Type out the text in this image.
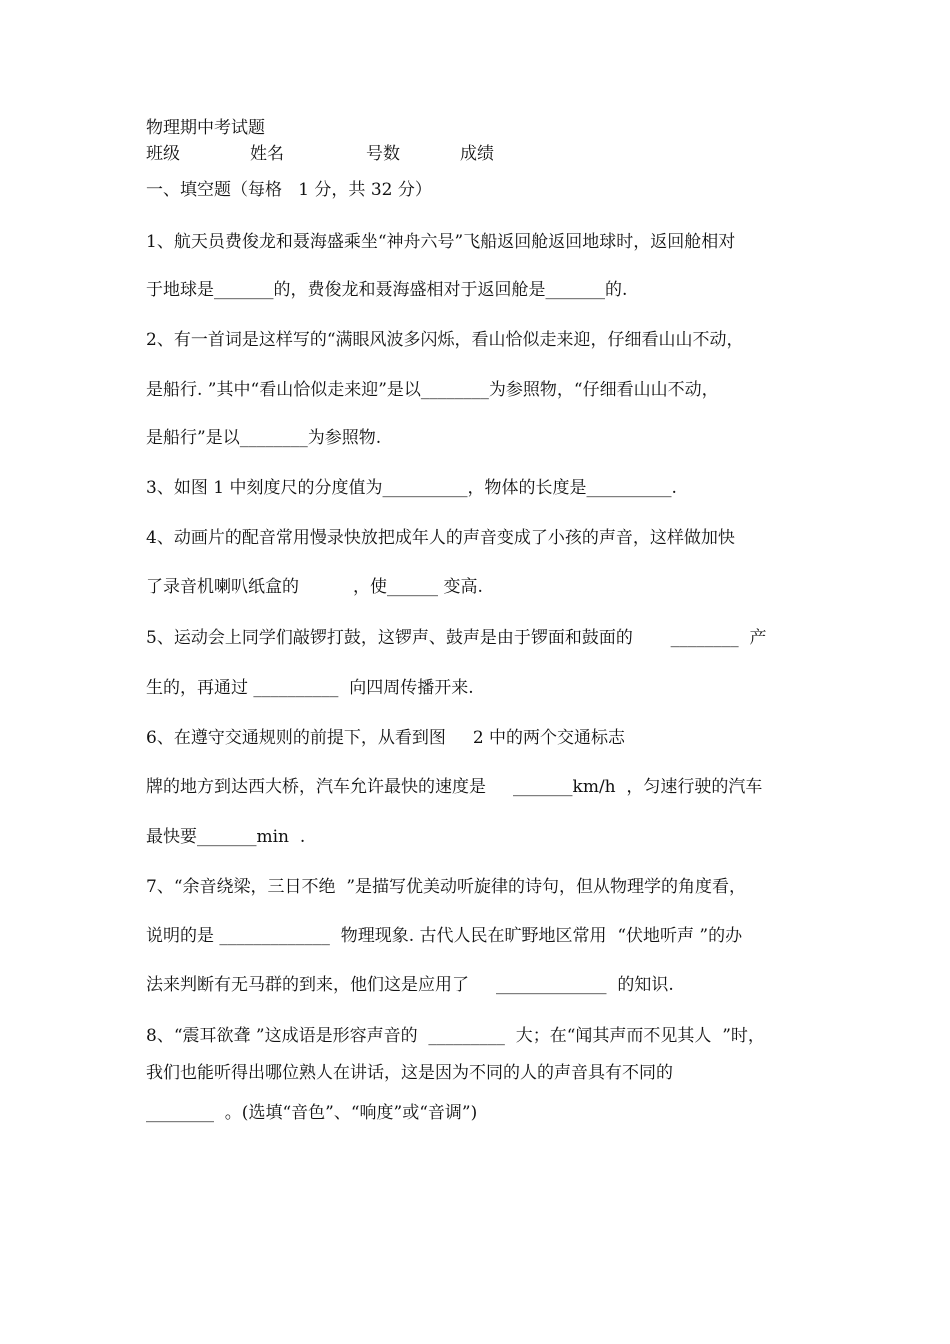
物理期中考试题

班级

	姓名

	号数

	成绩

一、填空题（每格   1 分，共 32 分）
1、航天员费俊龙和聂海盛乘坐“神舟六号”飞船返回舱返回地球时，返回舱相对
于地球是_______的，费俊龙和聂海盛相对于返回舱是_______的.
2、有一首词是这样写的“满眼风波多闪烁，看山恰似走来迎，仔细看山山不动，
是船行. ”其中“看山恰似走来迎”是以________为参照物，“仔细看山山不动，
是船行”是以________为参照物.
3、如图 1 中刻度尺的分度值为__________，物体的长度是__________.
4、动画片的配音常用慢录快放把成年人的声音变成了小孩的声音，这样做加快
了录音机喇叭纸盒的          ，使______ 变高.
5、运动会上同学们敲锣打鼓，这锣声、鼓声是由于锣面和鼓面的       ________  产
生的，再通过 __________  向四周传播开来.
6、在遵守交通规则的前提下，从看到图     2 中的两个交通标志
牌的地方到达西大桥，汽车允许最快的速度是     _______km/h  ，匀速行驶的汽车
最快要_______min  .
7、“余音绕梁，三日不绝  ”是描写优美动听旋律的诗句，但从物理学的角度看，
说明的是 _____________  物理现象. 古代人民在旷野地区常用  “伏地听声 ”的办
法来判断有无马群的到来，他们这是应用了     _____________  的知识.
8、“震耳欲聋 ”这成语是形容声音的  _________  大；在“闻其声而不见其人  ”时，
我们也能听得出哪位熟人在讲话，这是因为不同的人的声音具有不同的
________  。(选填“音色”、“响度”或“音调”)
